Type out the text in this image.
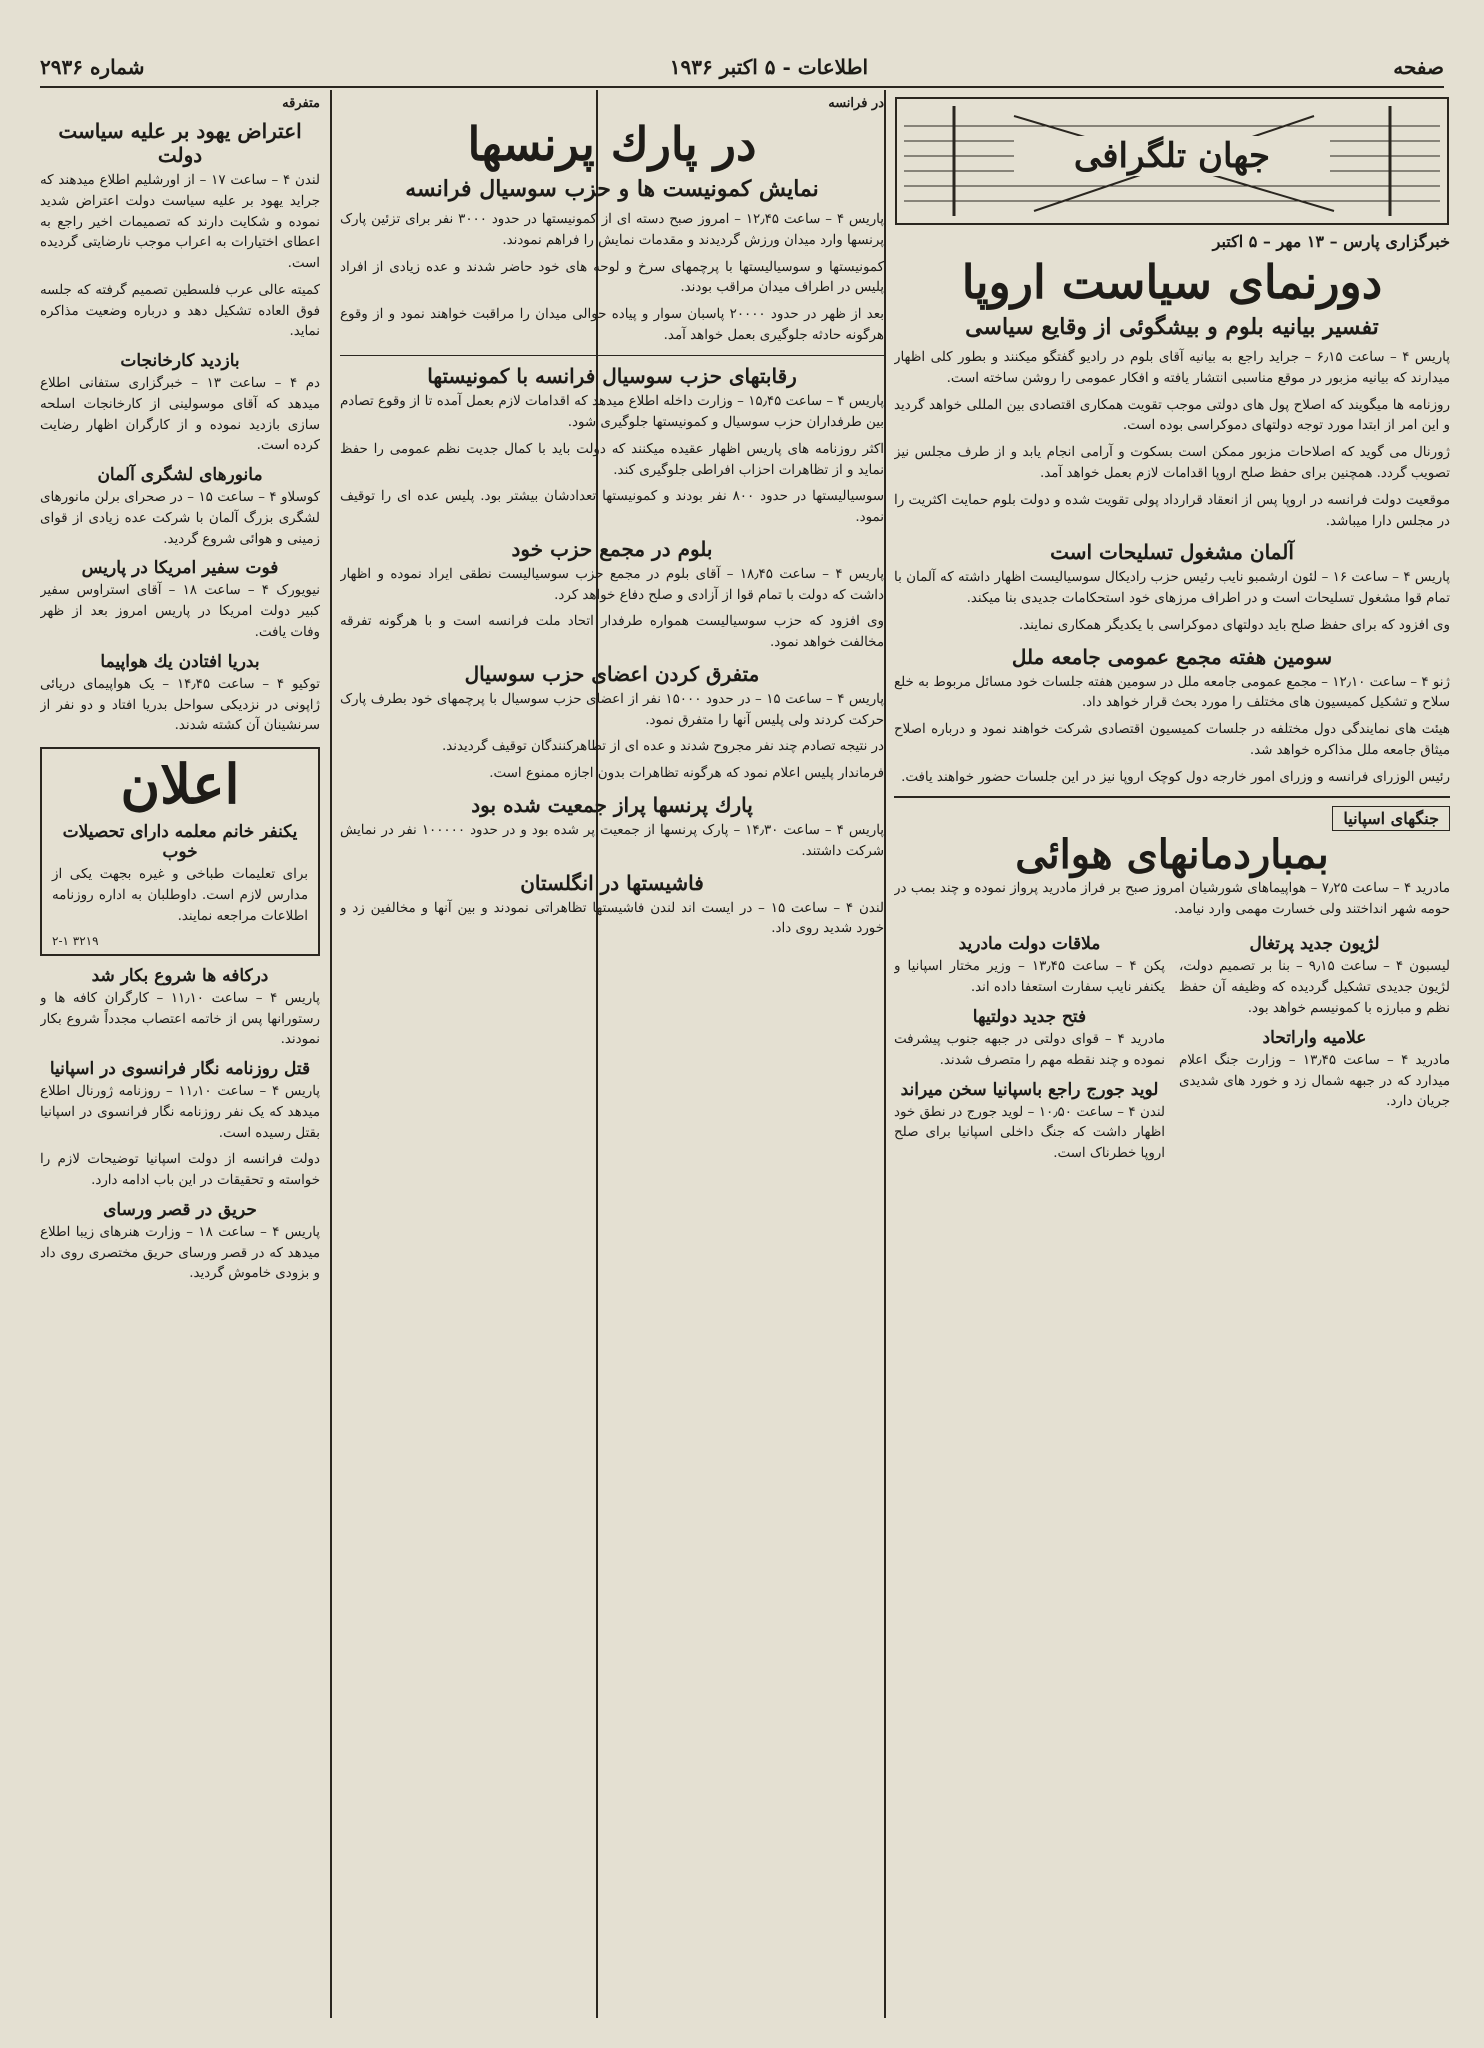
صفحه
اطلاعات - ۵ اکتبر ۱۹۳۶
شماره ۲۹۳۶
جهان تلگرافی
خبرگزاری پارس – ۱۳ مهر – ۵ اکتبر
دورنمای سیاست اروپا
تفسیر بیانیه بلوم و بیشگوئی از وقایع سیاسی

پاریس ۴ – ساعت ۶٫۱۵ – جراید راجع به بیانیه آقای بلوم در رادیو گفتگو میکنند و بطور کلی اظهار میدارند که بیانیه مزبور در موقع مناسبی انتشار یافته و افکار عمومی را روشن ساخته است.

روزنامه ها میگویند که اصلاح پول های دولتی موجب تقویت همکاری اقتصادی بین المللی خواهد گردید و این امر از ابتدا مورد توجه دولتهای دموکراسی بوده است.

ژورنال می گوید که اصلاحات مزبور ممکن است بسکوت و آرامی انجام یابد و از طرف مجلس نیز تصویب گردد. همچنین برای حفظ صلح اروپا اقدامات لازم بعمل خواهد آمد.

موقعیت دولت فرانسه در اروپا پس از انعقاد قرارداد پولی تقویت شده و دولت بلوم حمایت اکثریت را در مجلس دارا میباشد.

آلمان مشغول تسلیحات است

پاریس ۴ – ساعت ۱۶ – لئون ارشمبو نایب رئیس حزب رادیکال سوسیالیست اظهار داشته که آلمان با تمام قوا مشغول تسلیحات است و در اطراف مرزهای خود استحکامات جدیدی بنا میکند.

وی افزود که برای حفظ صلح باید دولتهای دموکراسی با یکدیگر همکاری نمایند.

سومین هفته مجمع عمومی جامعه ملل

ژنو ۴ – ساعت ۱۲٫۱۰ – مجمع عمومی جامعه ملل در سومین هفته جلسات خود مسائل مربوط به خلع سلاح و تشکیل کمیسیون های مختلف را مورد بحث قرار خواهد داد.

هیئت های نمایندگی دول مختلفه در جلسات کمیسیون اقتصادی شرکت خواهند نمود و درباره اصلاح میثاق جامعه ملل مذاکره خواهد شد.

رئیس الوزرای فرانسه و وزرای امور خارجه دول کوچک اروپا نیز در این جلسات حضور خواهند یافت.

جنگهای اسپانیا
بمباردمانهای هوائی

مادرید ۴ – ساعت ۷٫۲۵ – هواپیماهای شورشیان امروز صبح بر فراز مادرید پرواز نموده و چند بمب در حومه شهر انداختند ولی خسارت مهمی وارد نیامد.

لژیون جدید پرتغال

لیسبون ۴ – ساعت ۹٫۱۵ – بنا بر تصمیم دولت، لژیون جدیدی تشکیل گردیده که وظیفه آن حفظ نظم و مبارزه با کمونیسم خواهد بود.

علامیه واراتحاد

مادرید ۴ – ساعت ۱۳٫۴۵ – وزارت جنگ اعلام میدارد که در جبهه شمال زد و خورد های شدیدی جریان دارد.

ملاقات دولت مادرید

پکن ۴ – ساعت ۱۳٫۴۵ – وزیر مختار اسپانیا و یکنفر نایب سفارت استعفا داده اند.

فتح جدید دولتیها

مادرید ۴ – قوای دولتی در جبهه جنوب پیشرفت نموده و چند نقطه مهم را متصرف شدند.

لوید جورج راجع باسپانیا سخن میراند

لندن ۴ – ساعت ۱۰٫۵۰ – لوید جورج در نطق خود اظهار داشت که جنگ داخلی اسپانیا برای صلح اروپا خطرناک است.

در فرانسه
در پارك پرنسها
نمایش کمونیست ها و حزب سوسیال فرانسه

پاریس ۴ – ساعت ۱۲٫۴۵ – امروز صبح دسته ای از کمونیستها در حدود ۳۰۰۰ نفر برای تزئین پارک پرنسها وارد میدان ورزش گردیدند و مقدمات نمایش را فراهم نمودند.

کمونیستها و سوسیالیستها با پرچمهای سرخ و لوحه های خود حاضر شدند و عده زیادی از افراد پلیس در اطراف میدان مراقب بودند.

بعد از ظهر در حدود ۲۰۰۰۰ پاسبان سوار و پیاده حوالی میدان را مراقبت خواهند نمود و از وقوع هرگونه حادثه جلوگیری بعمل خواهد آمد.

رقابتهای حزب سوسیال فرانسه با کمونیستها

پاریس ۴ – ساعت ۱۵٫۴۵ – وزارت داخله اطلاع میدهد که اقدامات لازم بعمل آمده تا از وقوع تصادم بین طرفداران حزب سوسیال و کمونیستها جلوگیری شود.

اکثر روزنامه های پاریس اظهار عقیده میکنند که دولت باید با کمال جدیت نظم عمومی را حفظ نماید و از تظاهرات احزاب افراطی جلوگیری کند.

سوسیالیستها در حدود ۸۰۰ نفر بودند و کمونیستها تعدادشان بیشتر بود. پلیس عده ای را توقیف نمود.

بلوم در مجمع حزب خود

پاریس ۴ – ساعت ۱۸٫۴۵ – آقای بلوم در مجمع حزب سوسیالیست نطقی ایراد نموده و اظهار داشت که دولت با تمام قوا از آزادی و صلح دفاع خواهد کرد.

وی افزود که حزب سوسیالیست همواره طرفدار اتحاد ملت فرانسه است و با هرگونه تفرقه مخالفت خواهد نمود.

متفرق کردن اعضای حزب سوسیال

پاریس ۴ – ساعت ۱۵ – در حدود ۱۵۰۰۰ نفر از اعضای حزب سوسیال با پرچمهای خود بطرف پارک حرکت کردند ولی پلیس آنها را متفرق نمود.

در نتیجه تصادم چند نفر مجروح شدند و عده ای از تظاهرکنندگان توقیف گردیدند.

فرماندار پلیس اعلام نمود که هرگونه تظاهرات بدون اجازه ممنوع است.

پارك پرنسها پراز جمعیت شده بود

پاریس ۴ – ساعت ۱۴٫۳۰ – پارک پرنسها از جمعیت پر شده بود و در حدود ۱۰۰۰۰۰ نفر در نمایش شرکت داشتند.

فاشیستها در انگلستان

لندن ۴ – ساعت ۱۵ – در ایست اند لندن فاشیستها تظاهراتی نمودند و بین آنها و مخالفین زد و خورد شدید روی داد.

متفرقه
اعتراض یهود بر علیه سیاست دولت

لندن ۴ – ساعت ۱۷ – از اورشلیم اطلاع میدهند که جراید یهود بر علیه سیاست دولت اعتراض شدید نموده و شکایت دارند که تصمیمات اخیر راجع به اعطای اختیارات به اعراب موجب نارضایتی گردیده است.

کمیته عالی عرب فلسطین تصمیم گرفته که جلسه فوق العاده تشکیل دهد و درباره وضعیت مذاکره نماید.

بازدید کارخانجات

دم ۴ – ساعت ۱۳ – خبرگزاری ستفانی اطلاع میدهد که آقای موسولینی از کارخانجات اسلحه سازی بازدید نموده و از کارگران اظهار رضایت کرده است.

مانورهای لشگری آلمان

کوسلاو ۴ – ساعت ۱۵ – در صحرای برلن مانورهای لشگری بزرگ آلمان با شرکت عده زیادی از قوای زمینی و هوائی شروع گردید.

فوت سفیر امریکا در پاریس

نیویورک ۴ – ساعت ۱۸ – آقای استراوس سفیر کبیر دولت امریکا در پاریس امروز بعد از ظهر وفات یافت.

بدریا افتادن یك هواپیما

توکیو ۴ – ساعت ۱۴٫۴۵ – یک هواپیمای دریائی ژاپونی در نزدیکی سواحل بدریا افتاد و دو نفر از سرنشینان آن کشته شدند.

اعلان
یکنفر خانم معلمه دارای تحصیلات خوب

برای تعلیمات طباخی و غیره بجهت یکی از مدارس لازم است. داوطلبان به اداره روزنامه اطلاعات مراجعه نمایند.

۲-۱ ۳۲۱۹
درکافه ها شروع بکار شد

پاریس ۴ – ساعت ۱۱٫۱۰ – کارگران کافه ها و رستورانها پس از خاتمه اعتصاب مجدداً شروع بکار نمودند.

قتل روزنامه نگار فرانسوی در اسپانیا

پاریس ۴ – ساعت ۱۱٫۱۰ – روزنامه ژورنال اطلاع میدهد که یک نفر روزنامه نگار فرانسوی در اسپانیا بقتل رسیده است.

دولت فرانسه از دولت اسپانیا توضیحات لازم را خواسته و تحقیقات در این باب ادامه دارد.

حریق در قصر ورسای

پاریس ۴ – ساعت ۱۸ – وزارت هنرهای زیبا اطلاع میدهد که در قصر ورسای حریق مختصری روی داد و بزودی خاموش گردید.
